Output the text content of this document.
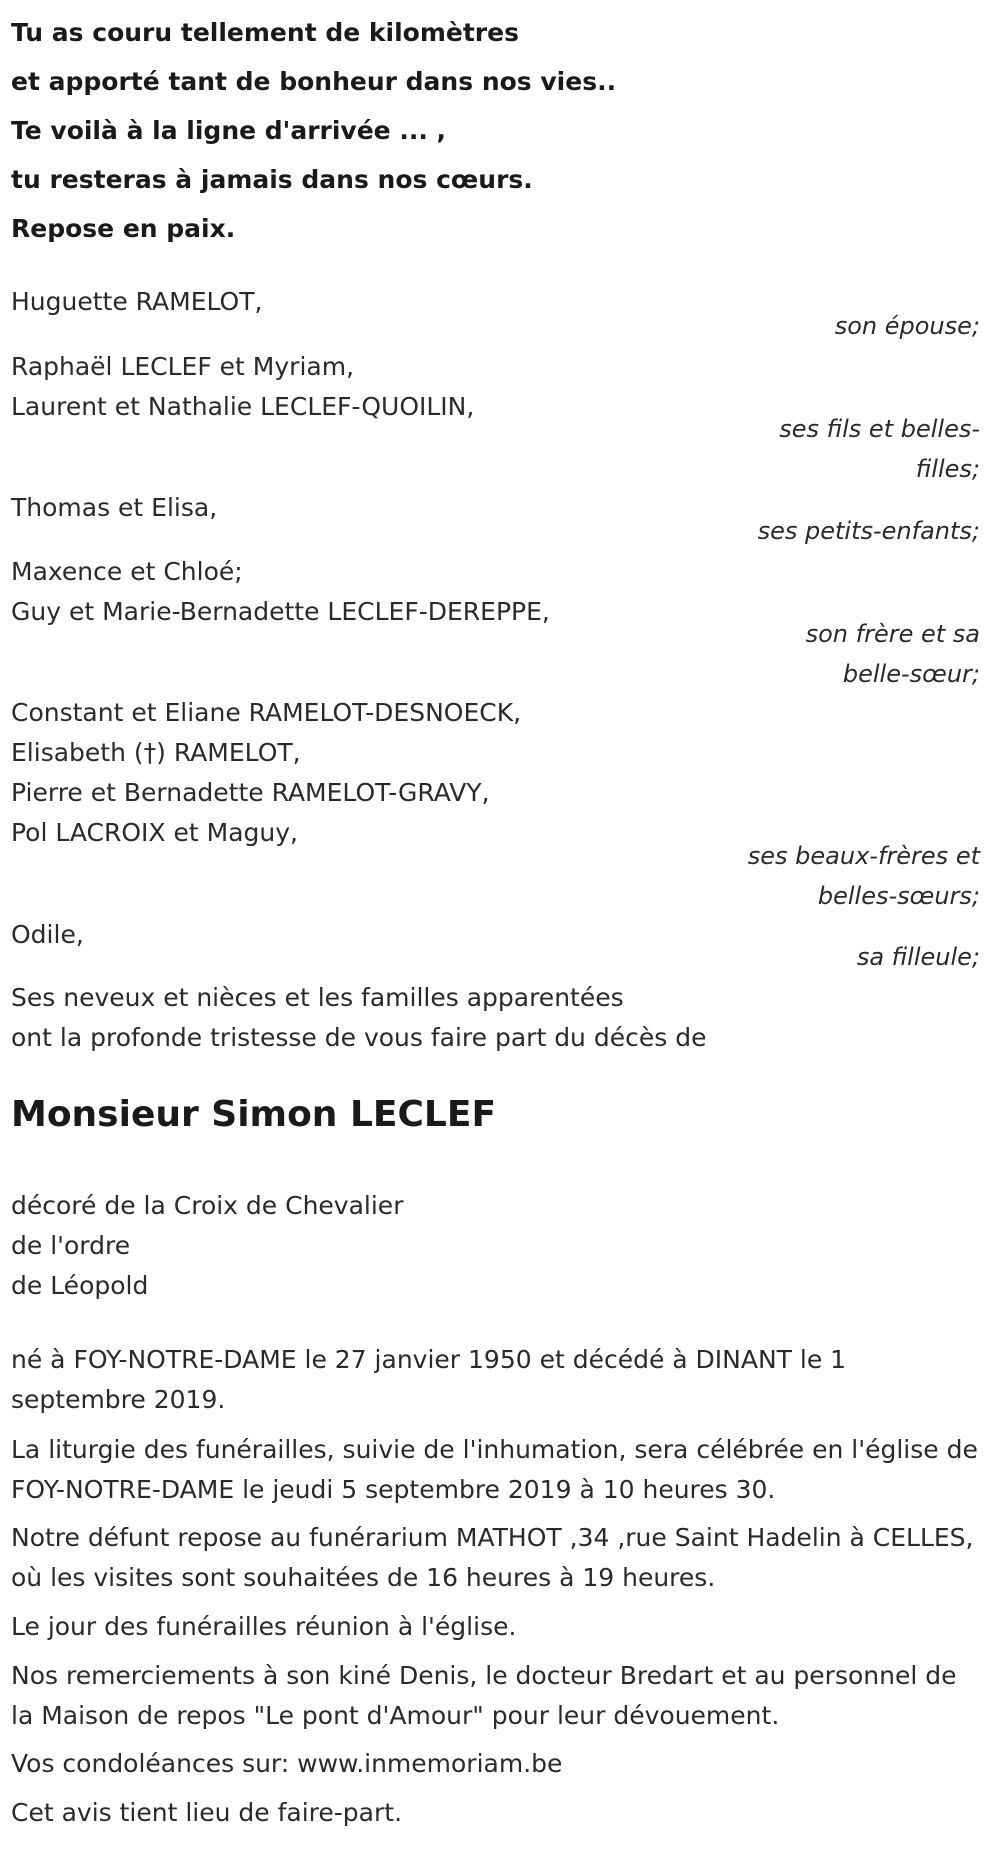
Tu as couru tellement de kilomètres
et apporté tant de bonheur dans nos vies..
Te voilà à la ligne d'arrivée ... ,
tu resteras à jamais dans nos cœurs.
Repose en paix.
Huguette RAMELOT,
son épouse;
Raphaël LECLEF et Myriam,
Laurent et Nathalie LECLEF-QUOILIN,
ses fils et belles-
filles;
Thomas et Elisa,
ses petits-enfants;
Maxence et Chloé;
Guy et Marie-Bernadette LECLEF-DEREPPE,
son frère et sa
belle-sœur;
Constant et Eliane RAMELOT-DESNOECK,
Elisabeth (†) RAMELOT,
Pierre et Bernadette RAMELOT-GRAVY,
Pol LACROIX et Maguy,
ses beaux-frères et
belles-sœurs;
Odile,
sa filleule;
Ses neveux et nièces et les familles apparentées
ont la profonde tristesse de vous faire part du décès de
Monsieur Simon LECLEF
décoré de la Croix de Chevalier
de l'ordre
de Léopold
né à FOY-NOTRE-DAME le 27 janvier 1950 et décédé à DINANT le 1 septembre 2019.
La liturgie des funérailles, suivie de l'inhumation, sera célébrée en l'église de FOY-NOTRE-DAME le jeudi 5 septembre 2019 à 10 heures 30.
Notre défunt repose au funérarium MATHOT ,34 ,rue Saint Hadelin à CELLES, où les visites sont souhaitées de 16 heures à 19 heures.
Le jour des funérailles réunion à l'église.
Nos remerciements à son kiné Denis, le docteur Bredart et au personnel de la Maison de repos "Le pont d'Amour" pour leur dévouement.
Vos condoléances sur: www.inmemoriam.be
Cet avis tient lieu de faire-part.
